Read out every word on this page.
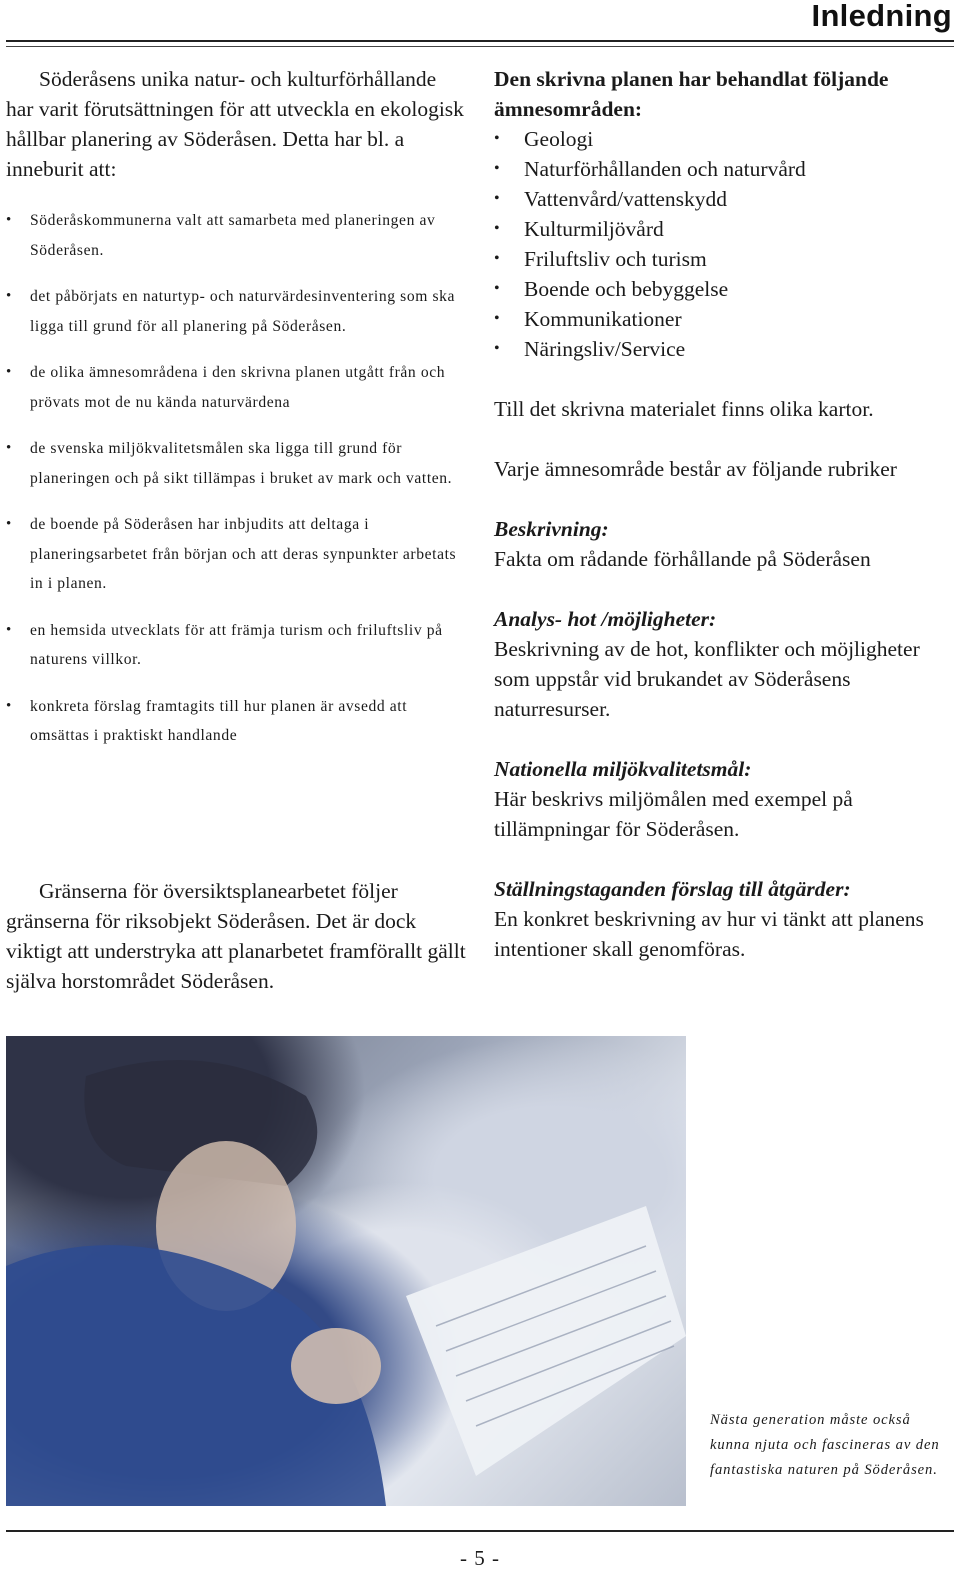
Inledning

Söderåsens unika natur- och kulturförhållande har varit förutsättningen för att utveckla en ekologisk hållbar planering av Söderåsen. Detta har bl. a inneburit att:

• Söderåskommunerna valt att samarbeta med planeringen av Söderåsen.
• det påbörjats en naturtyp- och naturvärdesinventering som ska ligga till grund för all planering på Söderåsen.
• de olika ämnesområdena i den skrivna planen utgått från och prövats mot de nu kända naturvärdena
• de svenska miljökvalitetsmålen ska ligga till grund för planeringen och på sikt tillämpas i bruket av mark och vatten.
• de boende på Söderåsen har inbjudits att deltaga i planeringsarbetet från början och att deras synpunkter arbetats in i planen.
• en hemsida utvecklats för att främja turism och friluftsliv på naturens villkor.
• konkreta förslag framtagits till hur planen är avsedd att omsättas i praktiskt handlande

Gränserna för översiktsplanearbetet följer gränserna för riksobjekt Söderåsen. Det är dock viktigt att understryka att planarbetet framförallt gällt själva horstområdet Söderåsen.

Den skrivna planen har behandlat följande ämnesområden:

• Geologi
• Naturförhållanden och naturvård
• Vattenvård/vattenskydd
• Kulturmiljövård
• Friluftsliv och turism
• Boende och bebyggelse
• Kommunikationer
• Näringsliv/Service

Till det skrivna materialet finns olika kartor.

Varje ämnesområde består av följande rubriker

Beskrivning:

Fakta om rådande förhållande på Söderåsen

Analys- hot /möjligheter:

Beskrivning av de hot, konflikter och möjligheter som uppstår vid brukandet av Söderåsens naturresurser.

Nationella miljökvalitetsmål:

Här beskrivs miljömålen med exempel på tillämpningar för Söderåsen.

Ställningstaganden förslag till åtgärder:

En konkret beskrivning av hur vi tänkt att planens intentioner skall genomföras.

Nästa generation måste också kunna njuta och fascineras av den fantastiska naturen på Söderåsen.

- 5 -
